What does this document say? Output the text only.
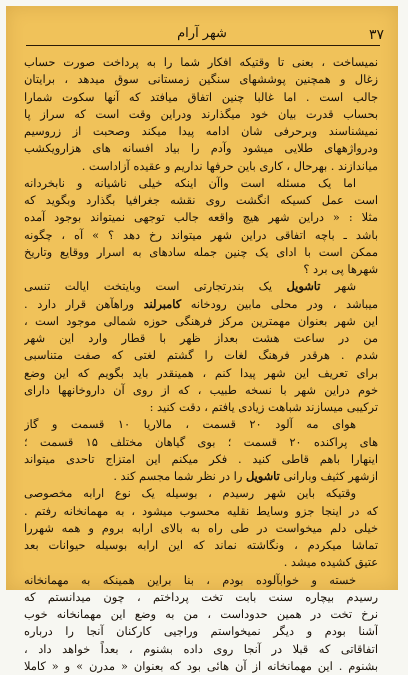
۳۷
شهر آرام
نمیساخت ، بعنی تا وقتیکه افکار شما را به پرداخت صورت حساب
زغال و همچنین پوششهای سنگین زمستانی سوق میدهد ، برایتان
جالب است . اما غالبا چنین اتفاق میافتد که آنها سکوت شمارا
بحساب قدرت بیان خود میگذارند ودراین وقت است که سراز پا
نمیشناسند وبرحرفی شان ادامه پیدا میکند وصحبت از زروسیم
ودرواژههای طلایی میشود وآدم را بیاد افسانه های هزارویکشب
میاندازند . بهرحال ، کاری باین حرفها نداریم و عقیده آزاداست .
اما یک مسئله است واآن اینکه خیلی ناشیانه و نابخردانه
است عمل کسیکه انگشت روی نقشه جغرافیا بگذارد وبگوید که
مثلا : « دراین شهر هیچ واقعه جالب توجهی نمیتواند بوجود آمده
باشد ـ باچه اتفاقی دراین شهر میتواند رخ دهد ؟ » آه ، چگونه
ممکن است با ادای یک چنین جمله سادهای به اسرار ووقایع وتاریخ
شهرها پی برد ؟
شهر تاشویل یک بندرتجارتی است وبایتخت ایالت تنسی
میباشد ، ودر محلی مابین رودخانه کامبرلند وراهآهن قرار دارد .
این شهر بعنوان مهمترین مرکز فرهنگی حوزه شمالی موجود است ،
من در ساعت هشت بعداز ظهر با قطار وارد این شهر
شدم . هرقدر فرهنگ لغات را گشتم لغتی که صفت متناسبی
برای تعریف این شهر پیدا کنم ، همینقدر باید بگویم که این وضع
خوم دراین شهر با نسخه طبیب ، که از روی آن داروخانهها دارای
ترکیبی میسازند شباهت زیادی یافتم ، دقت کنید :
هوای مه آلود ۲۰ قسمت ، مالاریا ۱۰ قسمت و گاز
های پراکنده ۲۰ قسمت ؛ بوی گیاهان مختلف ۱۵ قسمت ؛
اینهارا باهم قاطی کنید . فکر میکنم این امتزاج تاحدی میتواند
ازشهر کثیف وبارانی تاشویل را در نظر شما مجسم کند .
وقتیکه باین شهر رسیدم ، بوسیله یک نوع ارابه مخصوصی
که در اینجا جزو وسایط نقلیه محسوب میشود ، به مهمانخانه رفتم .
خیلی دلم میخواست در طی راه به بالای ارابه بروم و همه شهررا
تماشا میکردم ، ونگاشته نماند که این ارابه بوسیله حیوانات بعد
عتیق کشیده میشد .
خسته و خوابآلوده بودم ، بنا براین همینکه به مهمانخانه
رسیدم بیچاره سنت بابت تخت پرداختم ، چون میدانستم که
نرخ تخت در همین حدوداست ، من به وضع این مهمانخانه خوب
آشنا بودم و دیگر نمیخواستم وراجیی کارکنان آنجا را درباره
اتفاقاتی که قبلا در آنجا روی داده بشنوم ، بعداً خواهد داد ،
بشنوم . این مهمانخانه از آن هائی بود که بعنوان « مدرن » و « کاملا
